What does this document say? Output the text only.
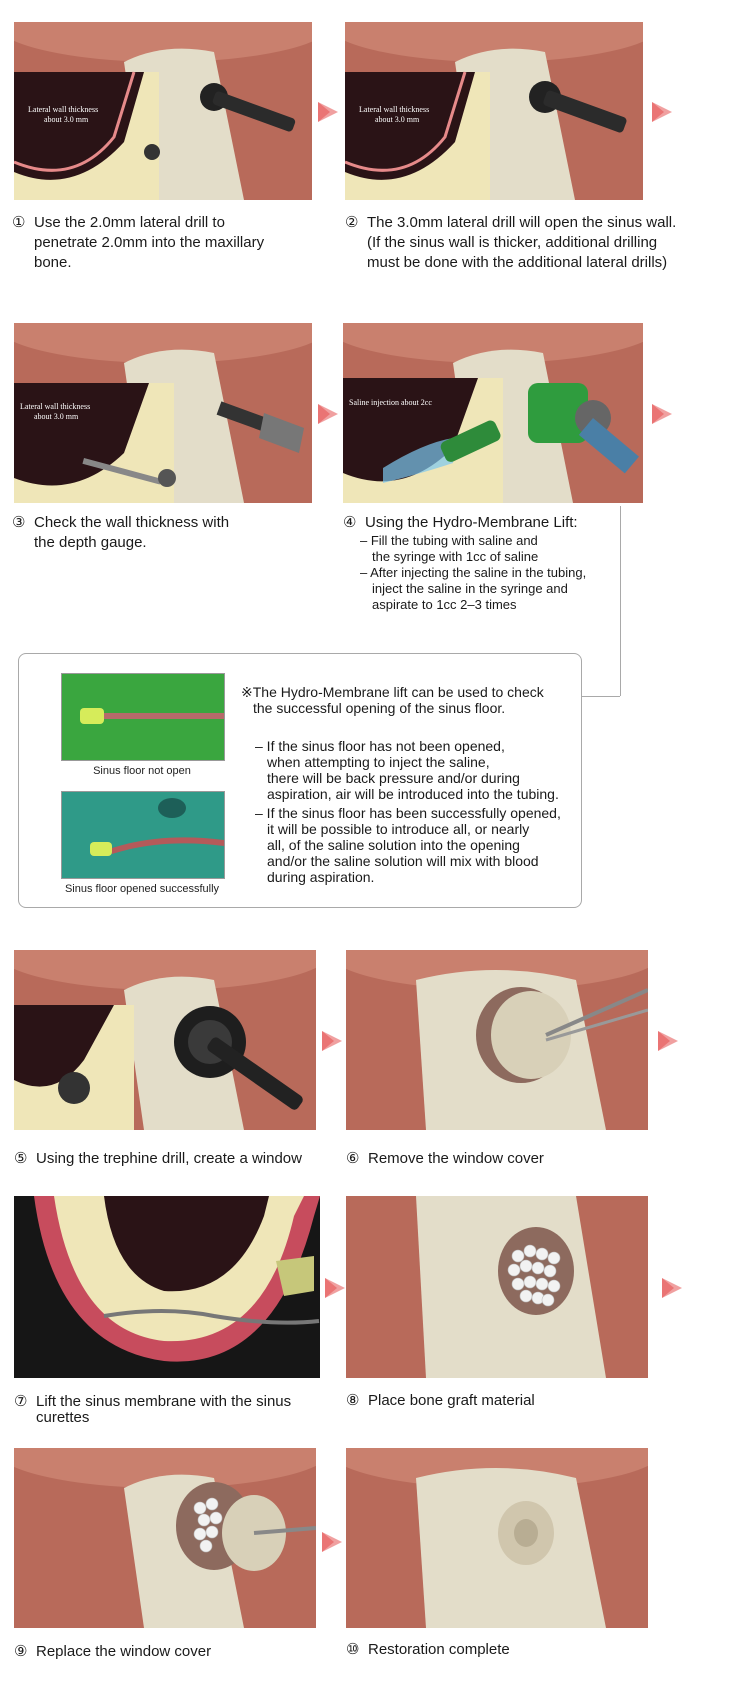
Lateral wall thickness
about 3.0 mm
Lateral wall thickness
about 3.0 mm
① Use the 2.0mm lateral drill to
penetrate 2.0mm into the maxillary
bone.
② The 3.0mm lateral drill will open the sinus wall.
(If the sinus wall is thicker, additional drilling
must be done with the additional lateral drills)
Lateral wall thickness
about 3.0 mm
Saline injection about 2cc
③ Check the wall thickness with
the depth gauge.
④ Using the Hydro-Membrane Lift:
– Fill the tubing with saline and
the syringe with 1cc of saline
– After injecting the saline in the tubing,
inject the saline in the syringe and
aspirate to 1cc 2–3 times
Sinus floor not open
Sinus floor opened successfully
※The Hydro-Membrane lift can be used to check
the successful opening of the sinus floor.
– If the sinus floor has not been opened,
when attempting to inject the saline,
there will be back pressure and/or during
aspiration, air will be introduced into the tubing.
– If the sinus floor has been successfully opened,
it will be possible to introduce all, or nearly
all, of the saline solution into the opening
and/or the saline solution will mix with blood
during aspiration.
⑤ Using the trephine drill, create a window	⑥ Remove the window cover
⑦ Lift the sinus membrane with the sinus
curettes
⑧ Place bone graft material
⑨ Replace the window cover	⑩ Restoration complete
